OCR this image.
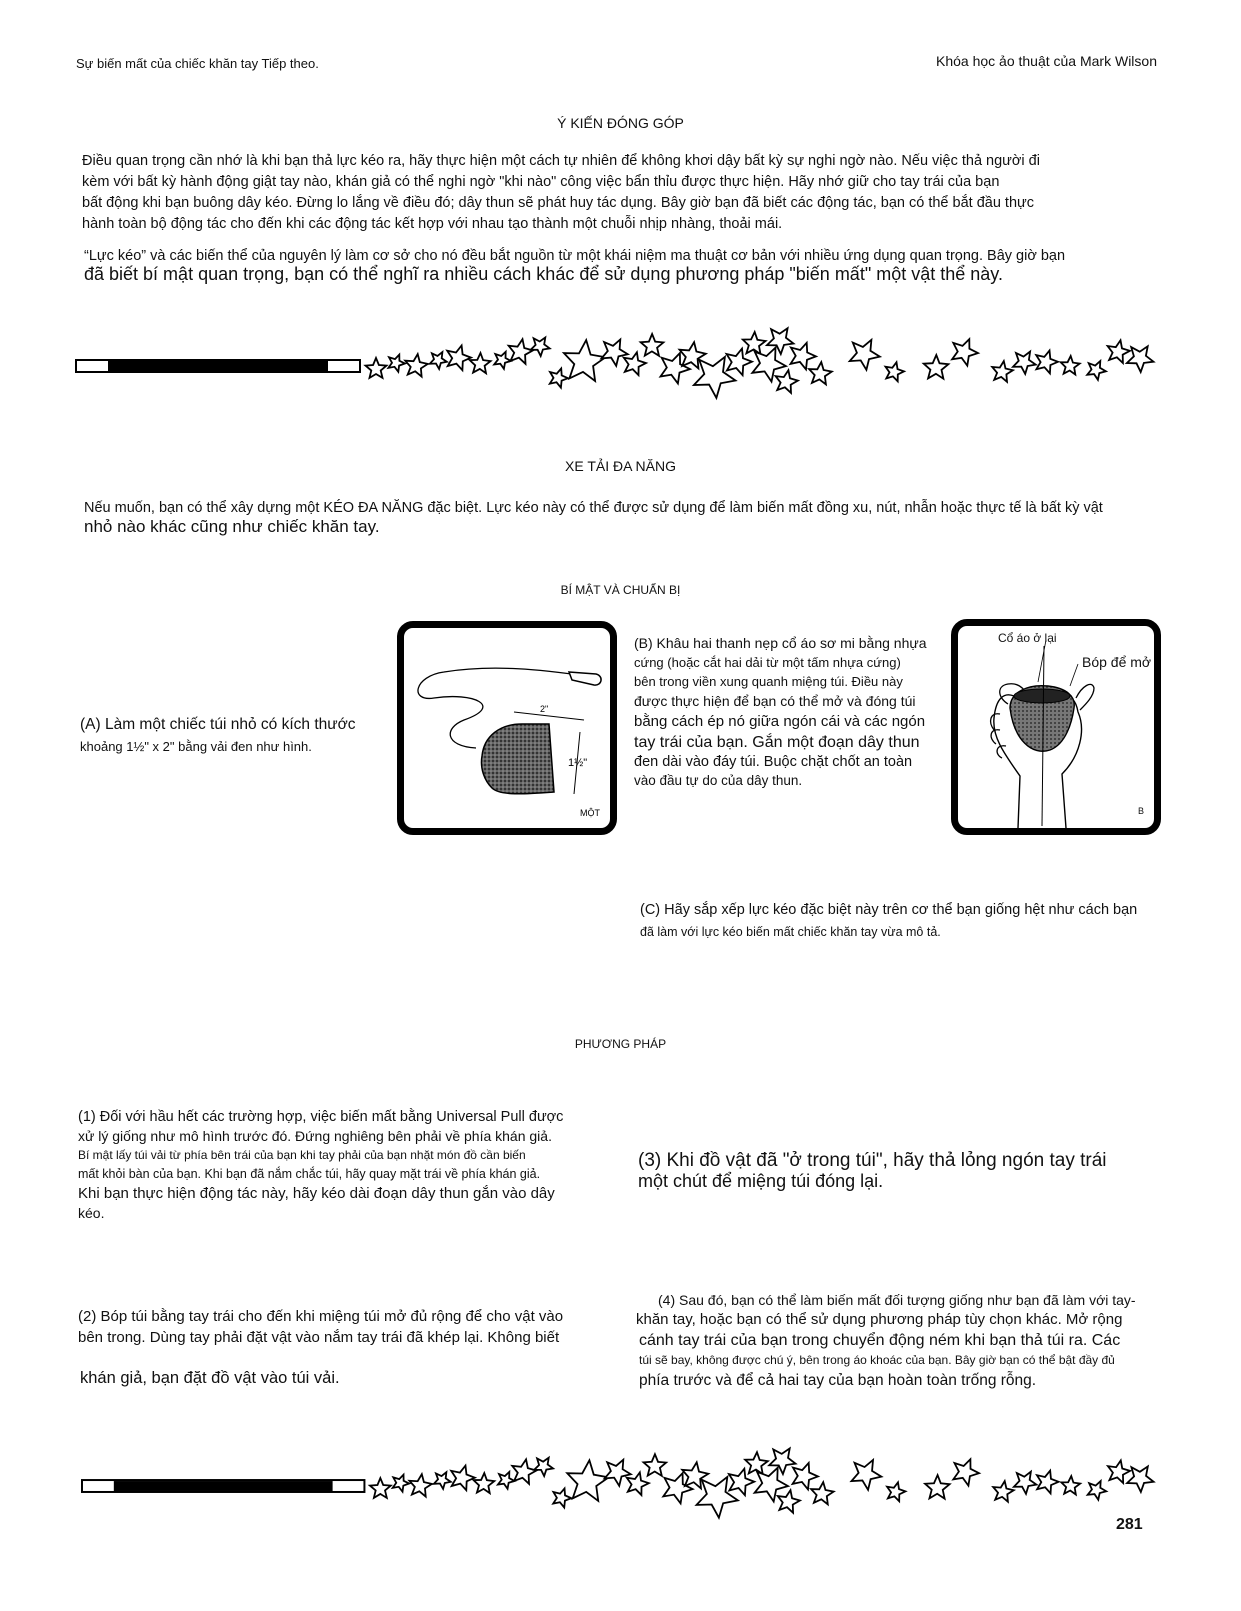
Sự biến mất của chiếc khăn tay Tiếp theo.	Khóa học ảo thuật của Mark Wilson
Ý KIẾN ĐÓNG GÓP
Điều quan trọng cần nhớ là khi bạn thả lực kéo ra, hãy thực hiện một cách tự nhiên để không khơi dậy bất kỳ sự nghi ngờ nào. Nếu việc thả người đi
kèm với bất kỳ hành động giật tay nào, khán giả có thể nghi ngờ "khi nào" công việc bẩn thỉu được thực hiện. Hãy nhớ giữ cho tay trái của bạn
bất động khi bạn buông dây kéo. Đừng lo lắng về điều đó; dây thun sẽ phát huy tác dụng. Bây giờ bạn đã biết các động tác, bạn có thể bắt đầu thực
hành toàn bộ động tác cho đến khi các động tác kết hợp với nhau tạo thành một chuỗi nhịp nhàng, thoải mái.
“Lực kéo” và các biến thể của nguyên lý làm cơ sở cho nó đều bắt nguồn từ một khái niệm ma thuật cơ bản với nhiều ứng dụng quan trọng. Bây giờ bạn
đã biết bí mật quan trọng, bạn có thể nghĩ ra nhiều cách khác để sử dụng phương pháp "biến mất" một vật thể này.
XE TẢI ĐA NĂNG
Nếu muốn, bạn có thể xây dựng một KÉO ĐA NĂNG đặc biệt. Lực kéo này có thể được sử dụng để làm biến mất đồng xu, nút, nhẫn hoặc thực tế là bất kỳ vật
nhỏ nào khác cũng như chiếc khăn tay.
BÍ MẬT VÀ CHUẨN BỊ
(A) Làm một chiếc túi nhỏ có kích thước
khoảng 1½" x 2" bằng vải đen như hình.
2"
1½"
MỘT
(B) Khâu hai thanh nẹp cổ áo sơ mi bằng nhựa
cứng (hoặc cắt hai dải từ một tấm nhựa cứng)
bên trong viền xung quanh miệng túi. Điều này
được thực hiện để bạn có thể mở và đóng túi
bằng cách ép nó giữa ngón cái và các ngón
tay trái của bạn. Gắn một đoạn dây thun
đen dài vào đáy túi. Buộc chặt chốt an toàn
vào đầu tự do của dây thun.
Cổ áo ở lại
Bóp để mở
B
(C) Hãy sắp xếp lực kéo đặc biệt này trên cơ thể bạn giống hệt như cách bạn
đã làm với lực kéo biến mất chiếc khăn tay vừa mô tả.
PHƯƠNG PHÁP
(1) Đối với hầu hết các trường hợp, việc biến mất bằng Universal Pull được
xử lý giống như mô hình trước đó. Đứng nghiêng bên phải về phía khán giả.
Bí mật lấy túi vải từ phía bên trái của bạn khi tay phải của bạn nhặt món đồ cần biến
mất khỏi bàn của bạn. Khi bạn đã nắm chắc túi, hãy quay mặt trái về phía khán giả.
Khi bạn thực hiện động tác này, hãy kéo dài đoạn dây thun gắn vào dây
kéo.
(2) Bóp túi bằng tay trái cho đến khi miệng túi mở đủ rộng để cho vật vào
bên trong. Dùng tay phải đặt vật vào nắm tay trái đã khép lại. Không biết
khán giả, bạn đặt đồ vật vào túi vải.
(3) Khi đồ vật đã "ở trong túi", hãy thả lỏng ngón tay trái
một chút để miệng túi đóng lại.
(4) Sau đó, bạn có thể làm biến mất đối tượng giống như bạn đã làm với tay-
khăn tay, hoặc bạn có thể sử dụng phương pháp tùy chọn khác. Mở rộng
cánh tay trái của bạn trong chuyển động ném khi bạn thả túi ra. Các
túi sẽ bay, không được chú ý, bên trong áo khoác của bạn. Bây giờ bạn có thể bật đầy đủ
phía trước và để cả hai tay của bạn hoàn toàn trống rỗng.
281
